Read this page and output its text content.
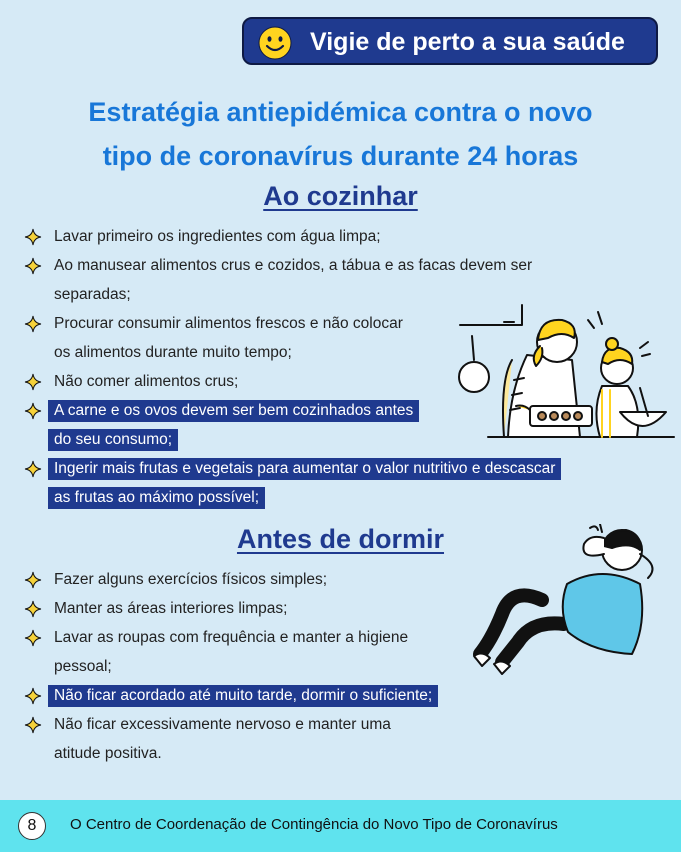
Vigie de perto a sua saúde
Estratégia antiepidémica contra o novo
tipo de coronavírus durante 24 horas
Ao cozinhar
Lavar primeiro os ingredientes com água limpa;
Ao manusear alimentos crus e cozidos, a tábua e as facas devem ser
separadas;
Procurar consumir alimentos frescos e não colocar
os alimentos durante muito tempo;
Não comer alimentos crus;
A carne e os ovos devem ser bem cozinhados antes
do seu consumo;
Ingerir mais frutas e vegetais para aumentar o valor nutritivo e descascar
as frutas ao máximo possível;
Antes de dormir
Fazer alguns exercícios físicos simples;
Manter as áreas interiores limpas;
Lavar as roupas com frequência e manter a higiene
pessoal;
Não ficar acordado até muito tarde, dormir o suficiente;
Não ficar excessivamente nervoso e manter uma
atitude positiva.
8	O Centro de Coordenação de Contingência do Novo Tipo de Coronavírus
